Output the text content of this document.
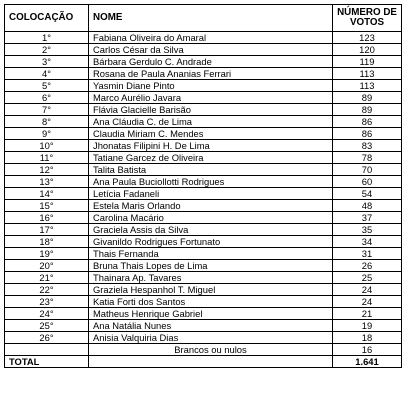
COLOCAÇÃO	NOME	NÚMERO DE VOTOS
1°	Fabiana Oliveira do Amaral	123
2°	Carlos César da Silva	120
3°	Bárbara Gerdulo C. Andrade	119
4°	Rosana de Paula Ananias Ferrari	113
5°	Yasmin Diane Pinto	113
6°	Marco Aurélio Javara	89
7°	Flávia Glacielle Barisão	89
8°	Ana Cláudia C. de Lima	86
9°	Claudia Miriam C. Mendes	86
10°	Jhonatas Filipini H. De Lima	83
11°	Tatiane Garcez de Oliveira	78
12°	Talita Batista	70
13°	Ana Paula Buciollotti Rodrigues	60
14°	Letícia Fadaneli	54
15°	Estela Maris Orlando	48
16°	Carolina Macário	37
17°	Graciela Assis da Silva	35
18°	Givanildo Rodrigues Fortunato	34
19°	Thais Fernanda	31
20°	Bruna Thais Lopes de Lima	26
21°	Thainara Ap. Tavares	25
22°	Graziela Hespanhol T. Miguel	24
23°	Katia Forti dos Santos	24
24°	Matheus Henrique Gabriel	21
25°	Ana Natália Nunes	19
26°	Anisia Valquiria Dias	18
	Brancos ou nulos	16
TOTAL		1.641
